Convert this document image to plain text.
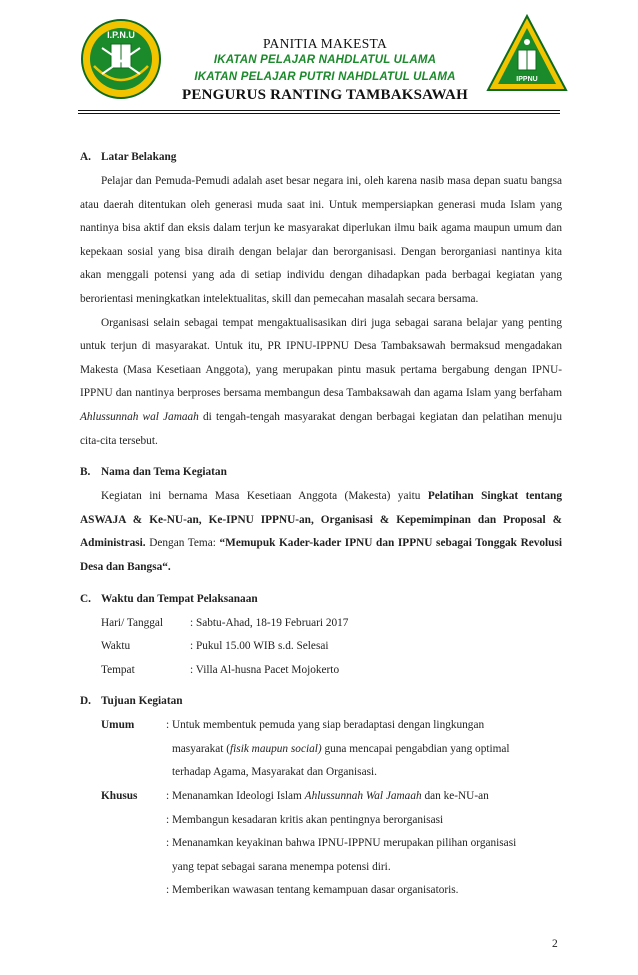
I.P.N.U
IPPNU
PANITIA MAKESTA
IKATAN PELAJAR NAHDLATUL ULAMA
IKATAN PELAJAR PUTRI NAHDLATUL ULAMA
PENGURUS RANTING TAMBAKSAWAH
A. Latar Belakang

Pelajar dan Pemuda-Pemudi adalah aset besar negara ini, oleh karena nasib masa depan suatu bangsa atau daerah ditentukan oleh generasi muda saat ini. Untuk mempersiapkan generasi muda Islam yang nantinya bisa aktif dan eksis dalam terjun ke masyarakat diperlukan ilmu baik agama maupun umum dan kepekaan sosial yang bisa diraih dengan belajar dan berorganisasi. Dengan berorganiasi nantinya kita akan menggali potensi yang ada di setiap individu dengan dihadapkan pada berbagai kegiatan yang berorientasi meningkatkan intelektualitas, skill dan pemecahan masalah secara bersama.

Organisasi selain sebagai tempat mengaktualisasikan diri juga sebagai sarana belajar yang penting untuk terjun di masyarakat. Untuk itu, PR IPNU-IPPNU Desa Tambaksawah bermaksud mengadakan Makesta (Masa Kesetiaan Anggota), yang merupakan pintu masuk pertama bergabung dengan IPNU-IPPNU dan nantinya berproses bersama membangun desa Tambaksawah dan agama Islam yang berfaham Ahlussunnah wal Jamaah di tengah-tengah masyarakat dengan berbagai kegiatan dan pelatihan menuju cita-cita tersebut.

B. Nama dan Tema Kegiatan

Kegiatan ini bernama Masa Kesetiaan Anggota (Makesta) yaitu Pelatihan Singkat tentang ASWAJA & Ke-NU-an, Ke-IPNU IPPNU-an, Organisasi & Kepemimpinan dan Proposal & Administrasi. Dengan Tema: “Memupuk Kader-kader IPNU dan IPPNU sebagai Tonggak Revolusi Desa dan Bangsa“.

C. Waktu dan Tempat Pelaksanaan
Hari/ Tanggal	: Sabtu-Ahad, 18-19 Februari 2017
Waktu	: Pukul 15.00 WIB s.d. Selesai
Tempat	: Villa Al-husna Pacet Mojokerto
D. Tujuan Kegiatan
Umum	: Untuk membentuk pemuda yang siap beradaptasi dengan lingkungan
masyarakat (fisik maupun social) guna mencapai pengabdian yang optimal
terhadap Agama, Masyarakat dan Organisasi.
Khusus	: Menanamkan Ideologi Islam Ahlussunnah Wal Jamaah dan ke-NU-an
: Membangun kesadaran kritis akan pentingnya berorganisasi
: Menanamkan keyakinan bahwa IPNU-IPPNU merupakan pilihan organisasi
yang tepat sebagai sarana menempa potensi diri.
: Memberikan wawasan tentang kemampuan dasar organisatoris.
2
